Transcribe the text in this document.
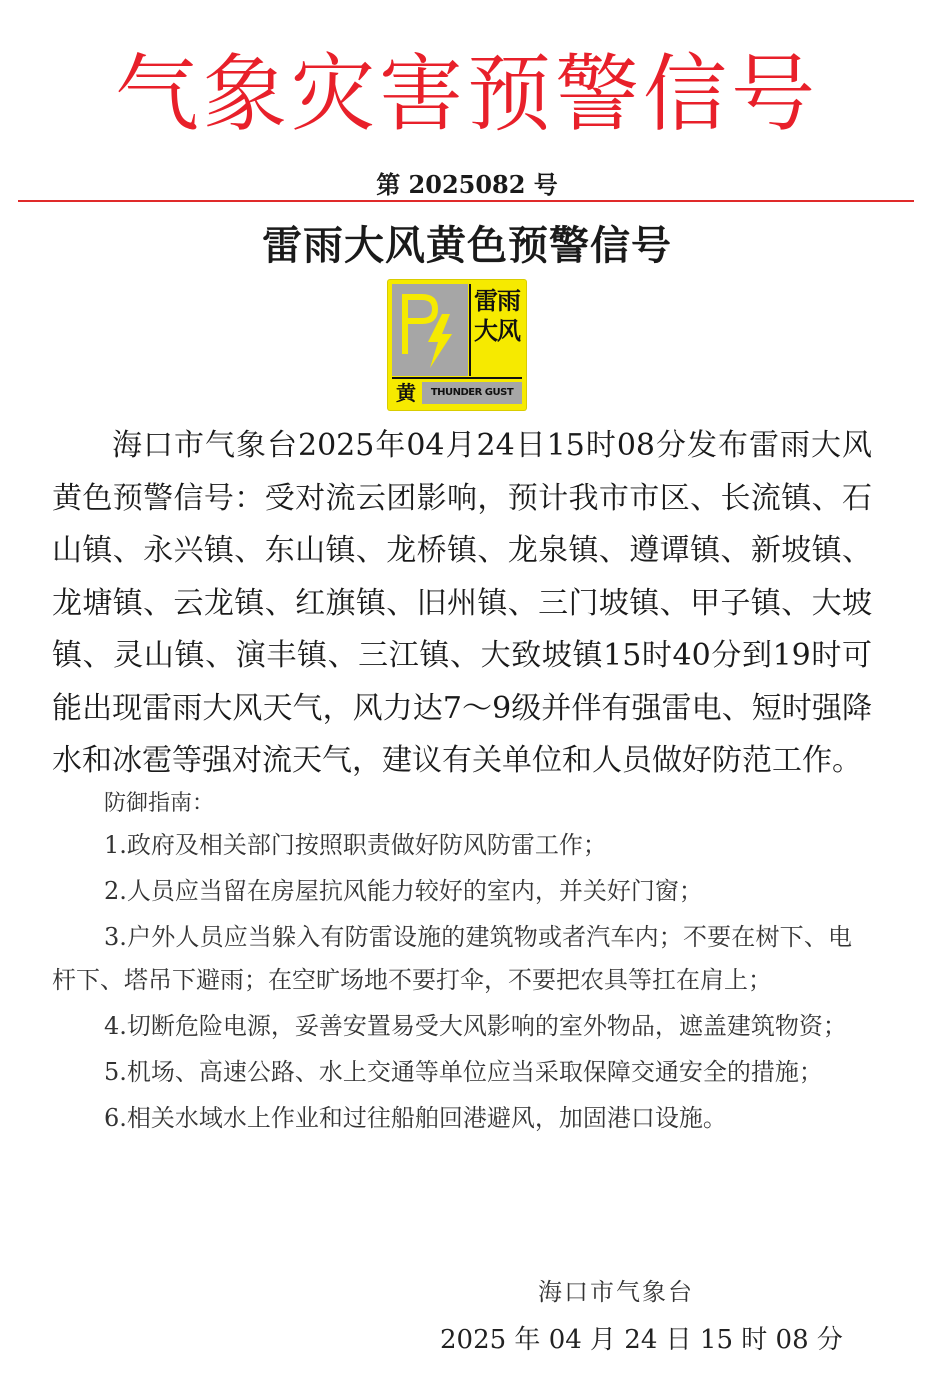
气象灾害预警信号
第 2025082 号
雷雨大风黄色预警信号
雷雨
大风
黄	THUNDER GUST
海口市气象台2025年04月24日15时08分发布雷雨大风黄色预警信号：受对流云团影响，预计我市市区、长流镇、石山镇、永兴镇、东山镇、龙桥镇、龙泉镇、遵谭镇、新坡镇、龙塘镇、云龙镇、红旗镇、旧州镇、三门坡镇、甲子镇、大坡镇、灵山镇、演丰镇、三江镇、大致坡镇15时40分到19时可能出现雷雨大风天气，风力达7～9级并伴有强雷电、短时强降水和冰雹等强对流天气，建议有关单位和人员做好防范工作。
防御指南：
1.政府及相关部门按照职责做好防风防雷工作；
2.人员应当留在房屋抗风能力较好的室内，并关好门窗；
3.户外人员应当躲入有防雷设施的建筑物或者汽车内；不要在树下、电杆下、塔吊下避雨；在空旷场地不要打伞，不要把农具等扛在肩上；
4.切断危险电源，妥善安置易受大风影响的室外物品，遮盖建筑物资；
5.机场、高速公路、水上交通等单位应当采取保障交通安全的措施；
6.相关水域水上作业和过往船舶回港避风，加固港口设施。
海口市气象台
2025 年 04 月 24 日 15 时 08 分
